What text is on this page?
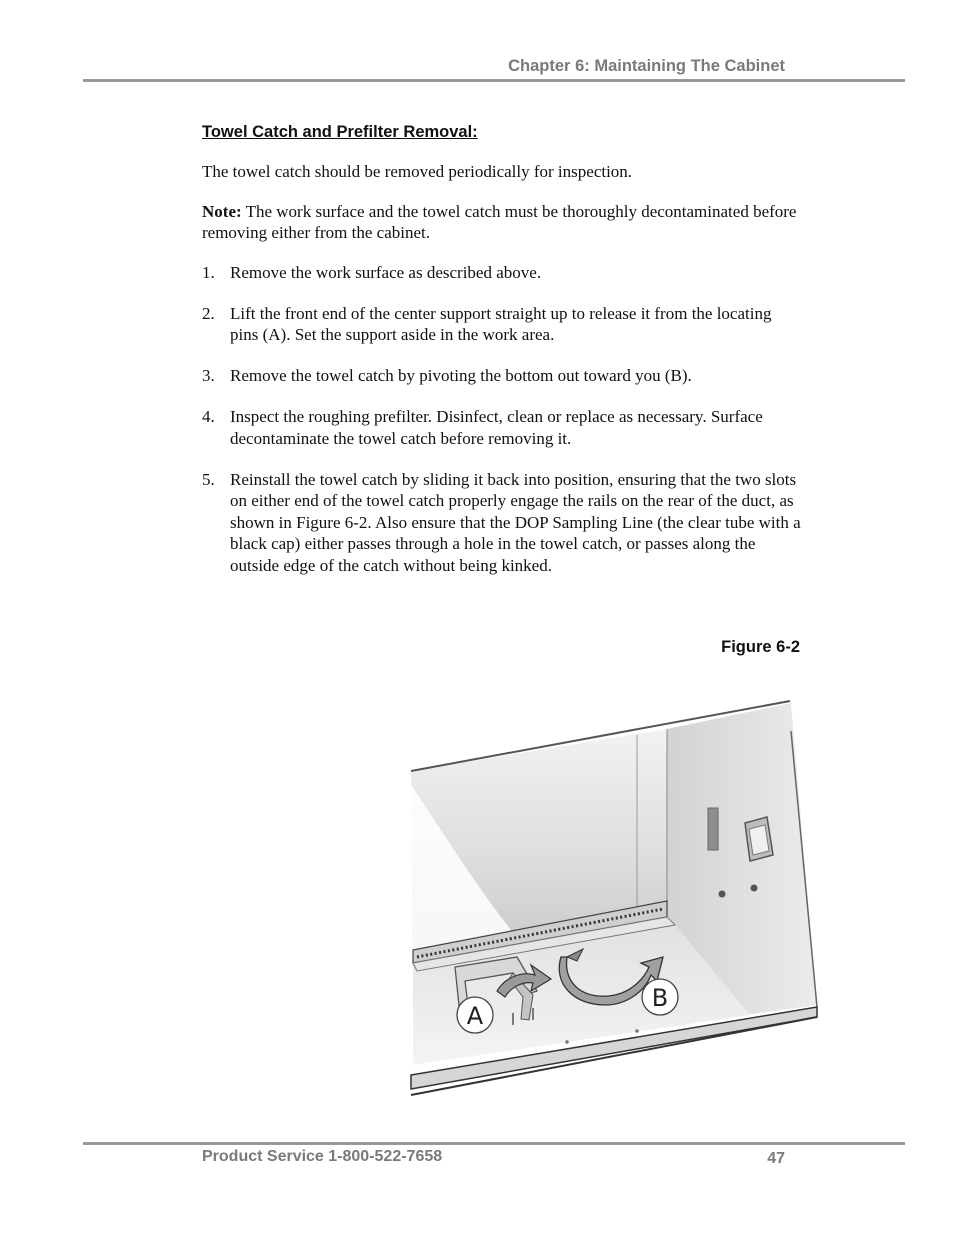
Chapter 6: Maintaining The Cabinet
Towel Catch and Prefilter Removal:

The towel catch should be removed periodically for inspection.

Note: The work surface and the towel catch must be thoroughly decontaminated before removing either from the cabinet.

1. Remove the work surface as described above.
2. Lift the front end of the center support straight up to release it from the locating pins (A). Set the support aside in the work area.
3. Remove the towel catch by pivoting the bottom out toward you (B).
4. Inspect the roughing prefilter. Disinfect, clean or replace as necessary. Surface decontaminate the towel catch before removing it.
5. Reinstall the towel catch by sliding it back into position, ensuring that the two slots on either end of the towel catch properly engage the rails on the rear of the duct, as shown in Figure 6-2. Also ensure that the DOP Sampling Line (the clear tube with a black cap) either passes through a hole in the towel catch, or passes along the outside edge of the catch without being kinked.
Figure 6-2
A
B
Product Service 1-800-522-7658	47
